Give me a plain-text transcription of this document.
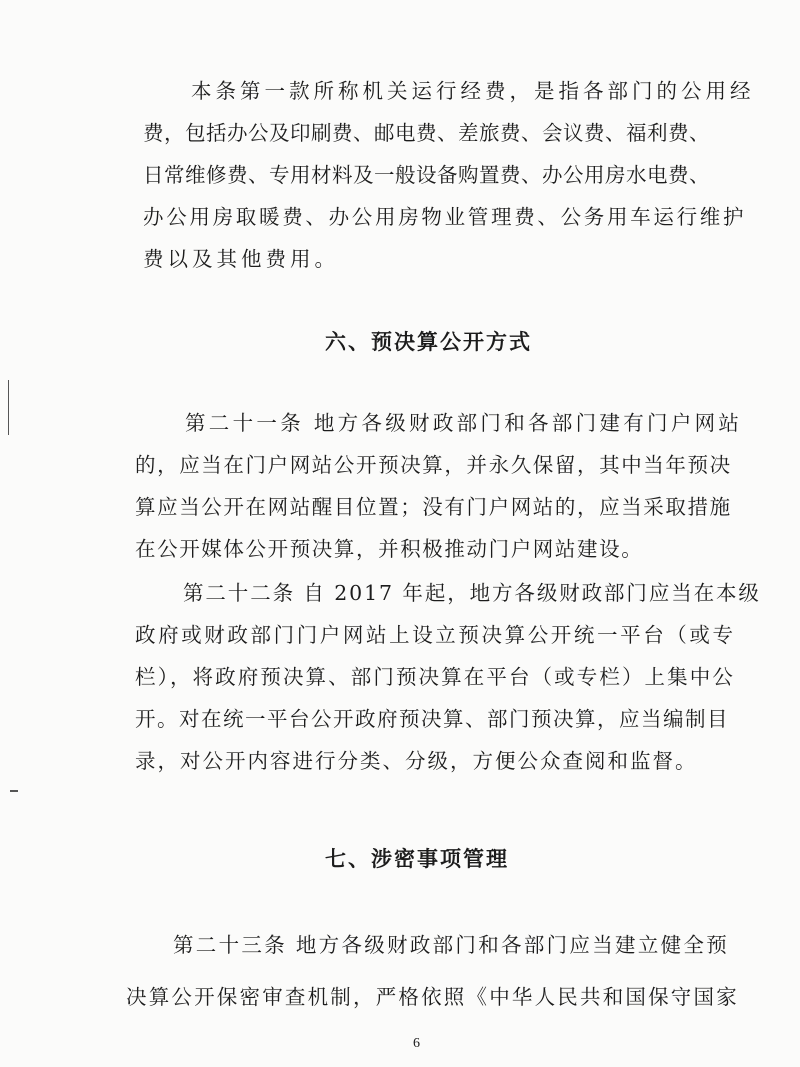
本条第一款所称机关运行经费，是指各部门的公用经
费，包括办公及印刷费、邮电费、差旅费、会议费、福利费、
日常维修费、专用材料及一般设备购置费、办公用房水电费、
办公用房取暖费、办公用房物业管理费、公务用车运行维护
费以及其他费用。
六、预决算公开方式
第二十一条 地方各级财政部门和各部门建有门户网站
的，应当在门户网站公开预决算，并永久保留，其中当年预决
算应当公开在网站醒目位置；没有门户网站的，应当采取措施
在公开媒体公开预决算，并积极推动门户网站建设。
第二十二条 自 2017 年起，地方各级财政部门应当在本级
政府或财政部门门户网站上设立预决算公开统一平台（或专
栏），将政府预决算、部门预决算在平台（或专栏）上集中公
开。对在统一平台公开政府预决算、部门预决算，应当编制目
录，对公开内容进行分类、分级，方便公众查阅和监督。
七、涉密事项管理
第二十三条 地方各级财政部门和各部门应当建立健全预
决算公开保密审查机制，严格依照《中华人民共和国保守国家
6
